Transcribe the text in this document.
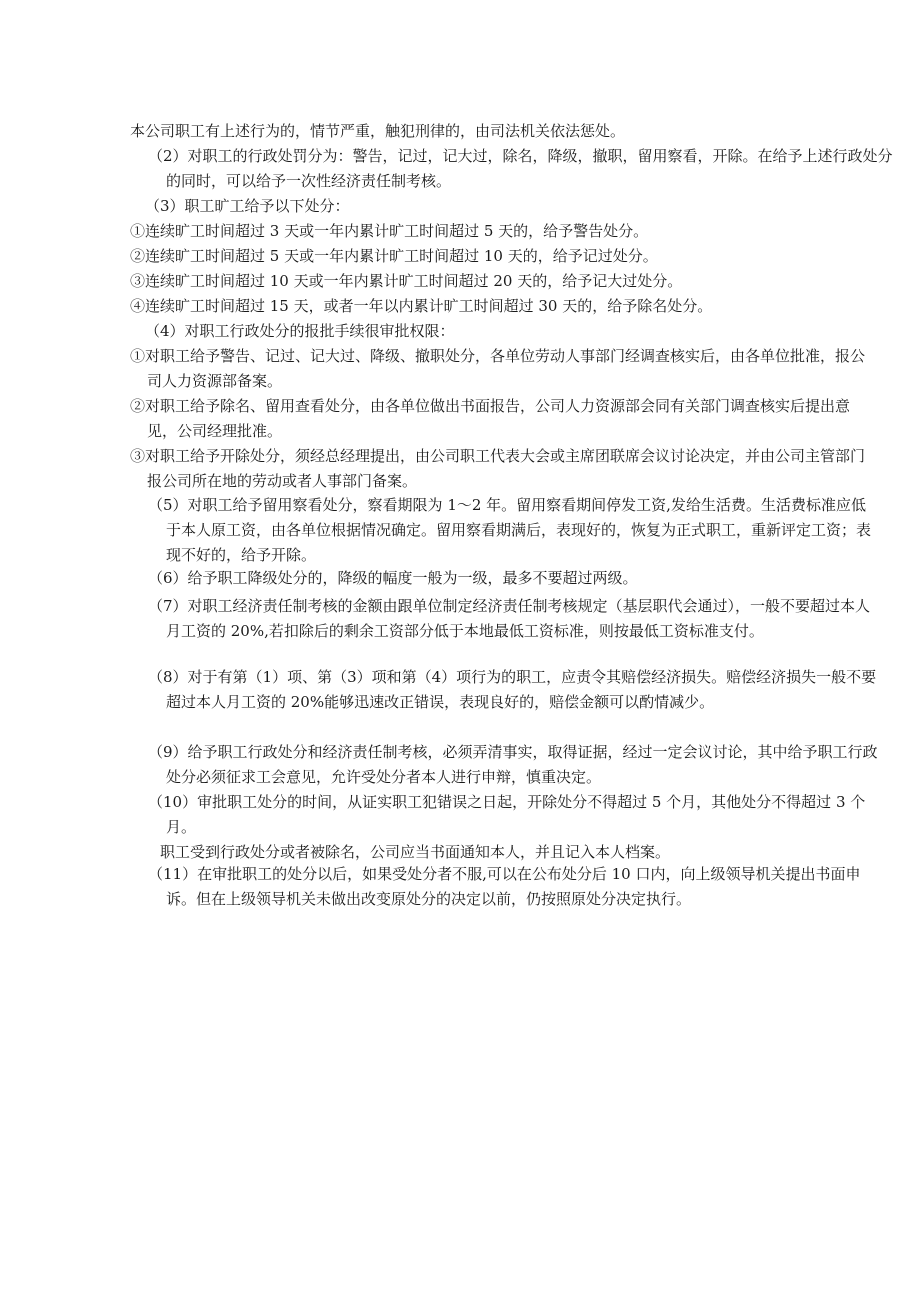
本公司职工有上述行为的，情节严重，触犯刑律的，由司法机关依法惩处。

（2）对职工的行政处罚分为：警告，记过，记大过，除名，降级，撤职，留用察看，开除。在给予上述行政处分的同时，可以给予一次性经济责任制考核。

（3）职工旷工给予以下处分：

①连续旷工时间超过 3 天或一年内累计旷工时间超过 5 天的，给予警告处分。

②连续旷工时间超过 5 天或一年内累计旷工时间超过 10 天的，给予记过处分。

③连续旷工时间超过 10 天或一年内累计旷工时间超过 20 天的，给予记大过处分。

④连续旷工时间超过 15 天，或者一年以内累计旷工时间超过 30 天的，给予除名处分。

（4）对职工行政处分的报批手续很审批权限：

①对职工给予警告、记过、记大过、降级、撤职处分，各单位劳动人事部门经调查核实后，由各单位批准，报公司人力资源部备案。

②对职工给予除名、留用查看处分，由各单位做出书面报告，公司人力资源部会同有关部门调查核实后提出意见，公司经理批准。

③对职工给予开除处分，须经总经理提出，由公司职工代表大会或主席团联席会议讨论决定，并由公司主管部门报公司所在地的劳动或者人事部门备案。

（5）对职工给予留用察看处分，察看期限为 1～2 年。留用察看期间停发工资,发给生活费。生活费标准应低于本人原工资，由各单位根据情况确定。留用察看期满后，表现好的，恢复为正式职工，重新评定工资；表现不好的，给予开除。

（6）给予职工降级处分的，降级的幅度一般为一级，最多不要超过两级。

（7）对职工经济责任制考核的金额由跟单位制定经济责任制考核规定（基层职代会通过），一般不要超过本人月工资的 20%,若扣除后的剩余工资部分低于本地最低工资标准，则按最低工资标准支付。

（8）对于有第（1）项、第（3）项和第（4）项行为的职工，应责令其赔偿经济损失。赔偿经济损失一般不要超过本人月工资的 20%能够迅速改正错误，表现良好的，赔偿金额可以酌情减少。

（9）给予职工行政处分和经济责任制考核，必须弄清事实，取得证据，经过一定会议讨论，其中给予职工行政处分必须征求工会意见，允许受处分者本人进行申辩，慎重决定。

（10）审批职工处分的时间，从证实职工犯错误之日起，开除处分不得超过 5 个月，其他处分不得超过 3 个月。

职工受到行政处分或者被除名，公司应当书面通知本人，并且记入本人档案。

（11）在审批职工的处分以后，如果受处分者不服,可以在公布处分后 10 口内，向上级领导机关提出书面申诉。但在上级领导机关未做出改变原处分的决定以前，仍按照原处分决定执行。
